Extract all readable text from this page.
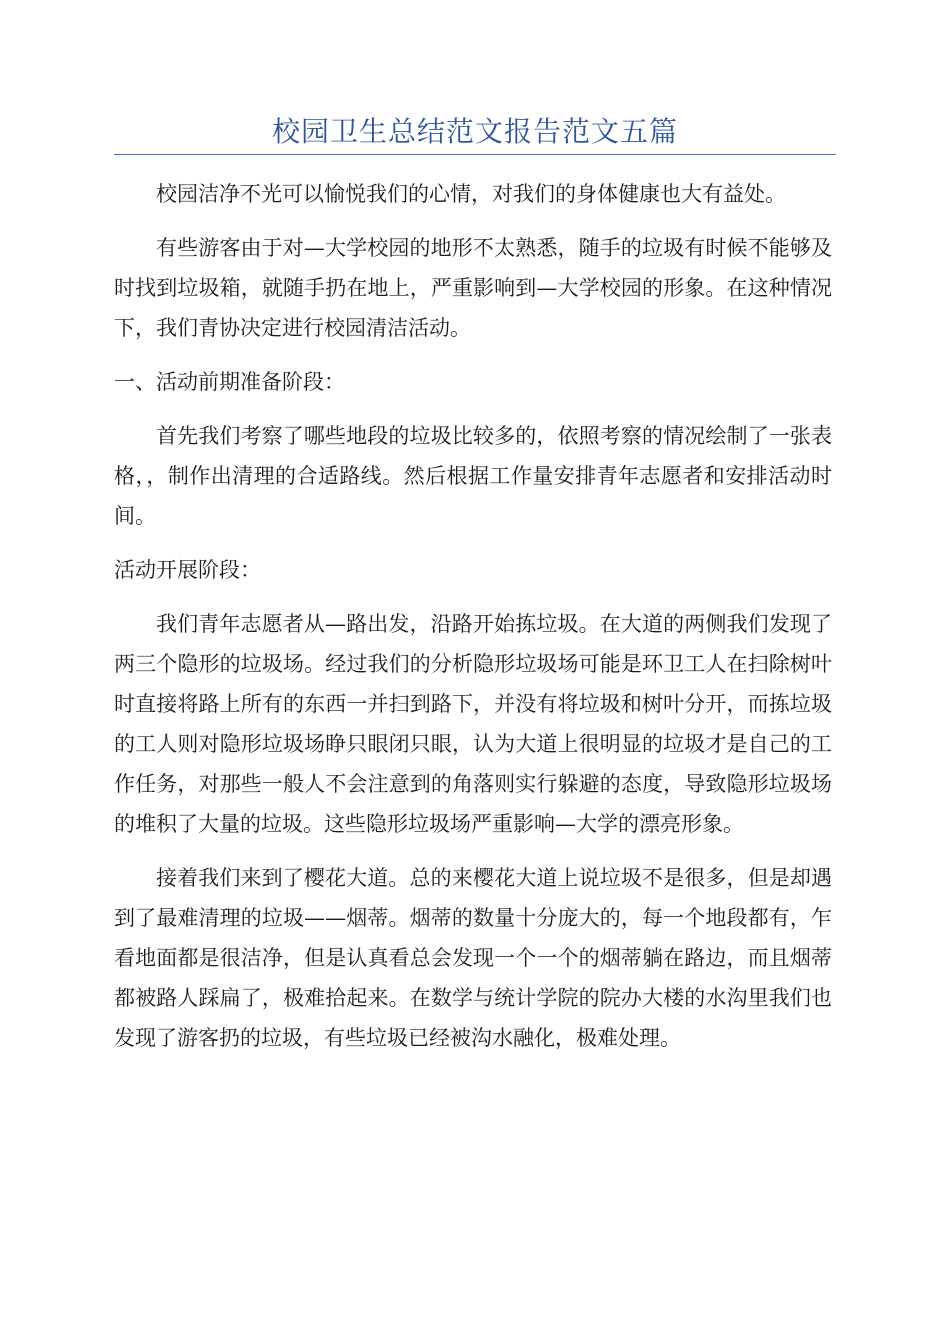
校园卫生总结范文报告范文五篇

校园洁净不光可以愉悦我们的心情，对我们的身体健康也大有益处。

有些游客由于对—大学校园的地形不太熟悉，随手的垃圾有时候不能够及时找到垃圾箱，就随手扔在地上，严重影响到—大学校园的形象。在这种情况下，我们青协决定进行校园清洁活动。

一、活动前期准备阶段：

首先我们考察了哪些地段的垃圾比较多的，依照考察的情况绘制了一张表格，，制作出清理的合适路线。然后根据工作量安排青年志愿者和安排活动时间。

活动开展阶段：

我们青年志愿者从—路出发，沿路开始拣垃圾。在大道的两侧我们发现了两三个隐形的垃圾场。经过我们的分析隐形垃圾场可能是环卫工人在扫除树叶时直接将路上所有的东西一并扫到路下，并没有将垃圾和树叶分开，而拣垃圾的工人则对隐形垃圾场睁只眼闭只眼，认为大道上很明显的垃圾才是自己的工作任务，对那些一般人不会注意到的角落则实行躲避的态度，导致隐形垃圾场的堆积了大量的垃圾。这些隐形垃圾场严重影响—大学的漂亮形象。

接着我们来到了樱花大道。总的来樱花大道上说垃圾不是很多，但是却遇到了最难清理的垃圾——烟蒂。烟蒂的数量十分庞大的，每一个地段都有，乍看地面都是很洁净，但是认真看总会发现一个一个的烟蒂躺在路边，而且烟蒂都被路人踩扁了，极难拾起来。在数学与统计学院的院办大楼的水沟里我们也发现了游客扔的垃圾，有些垃圾已经被沟水融化，极难处理。
